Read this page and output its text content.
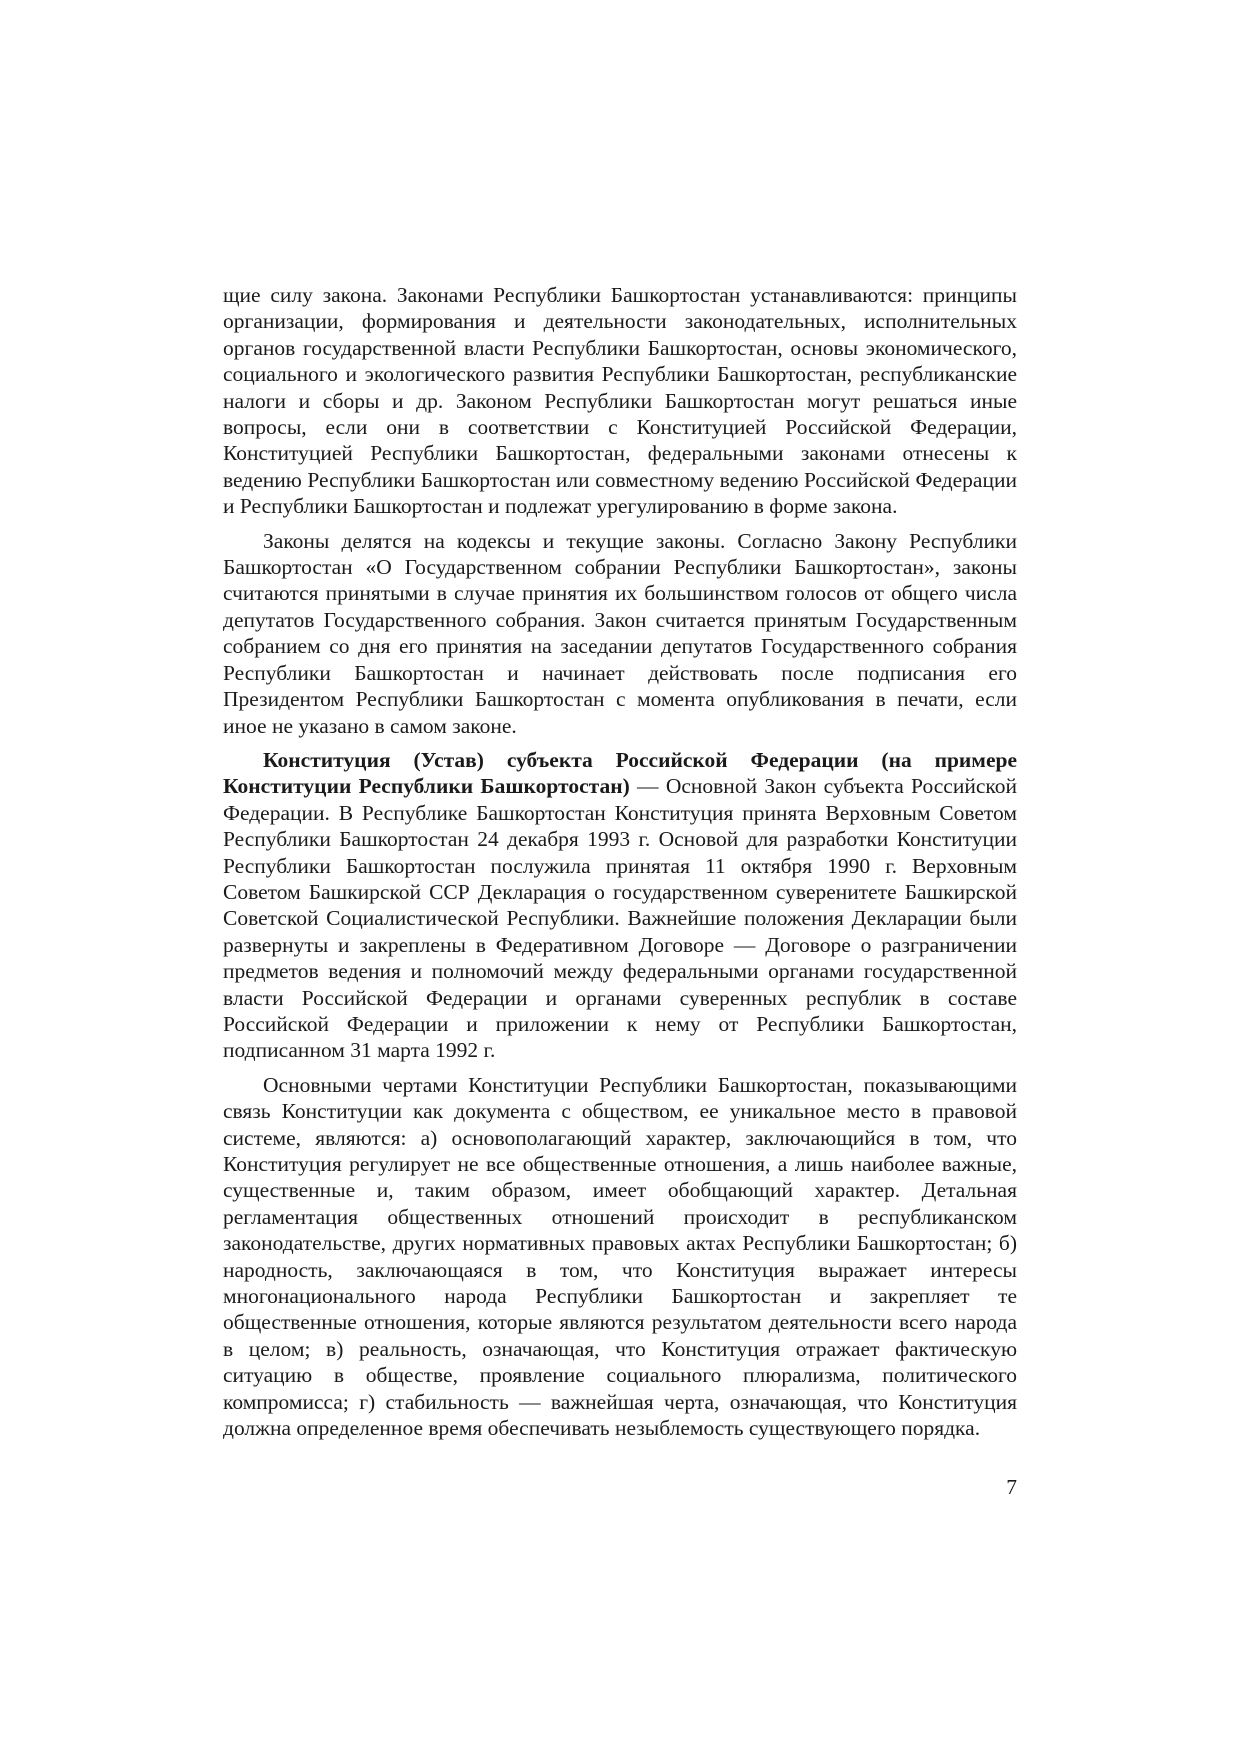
щие силу закона. Законами Республики Башкортостан устанавливаются: принципы организации, формирования и деятельности законодательных, исполнительных органов государственной власти Республики Башкортостан, основы экономического, социального и экологического развития Республики Башкортостан, республиканские налоги и сборы и др. Законом Республики Башкортостан могут решаться иные вопросы, если они в соответствии с Конституцией Российской Федерации, Конституцией Республики Башкортостан, федеральными законами отнесены к ведению Республики Башкортостан или совместному ведению Российской Федерации и Республики Башкортостан и подлежат урегулированию в форме закона.

Законы делятся на кодексы и текущие законы. Согласно Закону Республики Башкортостан «О Государственном собрании Республики Башкортостан», законы считаются принятыми в случае принятия их большинством голосов от общего числа депутатов Государственного собрания. Закон считается принятым Государственным собранием со дня его принятия на заседании депутатов Государственного собрания Республики Башкортостан и начинает действовать после подписания его Президентом Республики Башкортостан с момента опубликования в печати, если иное не указано в самом законе.

Конституция (Устав) субъекта Российской Федерации (на примере Конституции Республики Башкортостан) — Основной Закон субъекта Российской Федерации. В Республике Башкортостан Конституция принята Верховным Советом Республики Башкортостан 24 декабря 1993 г. Основой для разработки Конституции Республики Башкортостан послужила принятая 11 октября 1990 г. Верховным Советом Башкирской ССР Декларация о государственном суверенитете Башкирской Советской Социалистической Республики. Важнейшие положения Декларации были развернуты и закреплены в Федеративном Договоре — Договоре о разграничении предметов ведения и полномочий между федеральными органами государственной власти Российской Федерации и органами суверенных республик в составе Российской Федерации и приложении к нему от Республики Башкортостан, подписанном 31 марта 1992 г.

Основными чертами Конституции Республики Башкортостан, показывающими связь Конституции как документа с обществом, ее уникальное место в правовой системе, являются: а) основополагающий характер, заключающийся в том, что Конституция регулирует не все общественные отношения, а лишь наиболее важные, существенные и, таким образом, имеет обобщающий характер. Детальная регламентация общественных отношений происходит в республиканском законодательстве, других нормативных правовых актах Республики Башкортостан; б) народность, заключающаяся в том, что Конституция выражает интересы многонационального народа Республики Башкортостан и закрепляет те общественные отношения, которые являются результатом деятельности всего народа в целом; в) реальность, означающая, что Конституция отражает фактическую ситуацию в обществе, проявление социального плюрализма, политического компромисса; г) стабильность — важнейшая черта, означающая, что Конституция должна определенное время обеспечивать незыблемость существующего порядка.

7
